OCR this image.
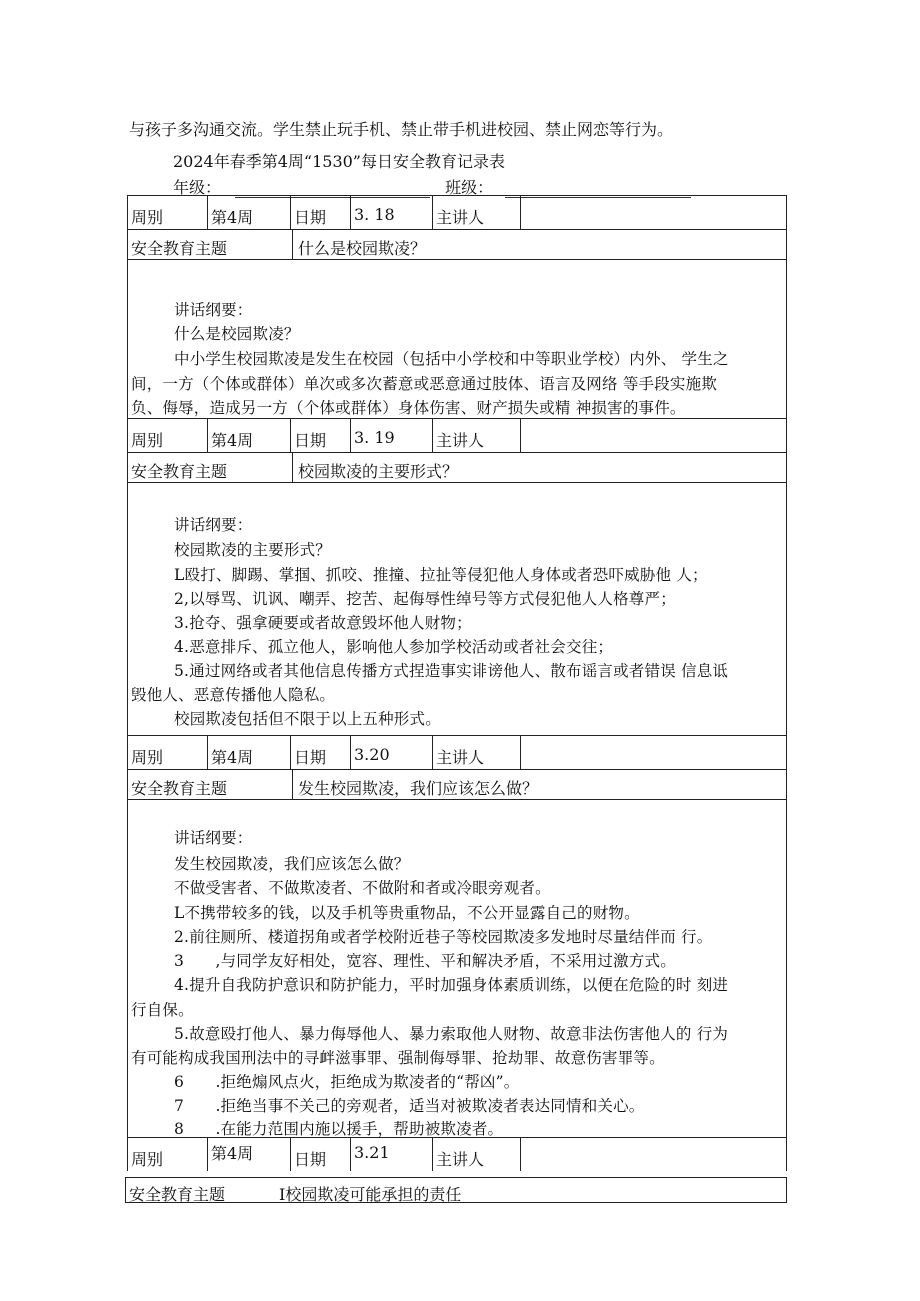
与孩子多沟通交流。学生禁止玩手机、禁止带手机进校园、禁止网恋等行为。
2024年春季第4周“1530”每日安全教育记录表
年级：	班级：
周别	第4周	日期	3. 18	主讲人
安全教育主题	什么是校园欺凌？
讲话纲要：
什么是校园欺凌？
中小学生校园欺凌是发生在校园（包括中小学校和中等职业学校）内外、 学生之
间，一方（个体或群体）单次或多次蓄意或恶意通过肢体、语言及网络 等手段实施欺
负、侮辱，造成另一方（个体或群体）身体伤害、财产损失或精 神损害的事件。
周别	第4周	日期	3. 19	主讲人
安全教育主题	校园欺凌的主要形式？
讲话纲要：
校园欺凌的主要形式？
L殴打、脚踢、掌掴、抓咬、推撞、拉扯等侵犯他人身体或者恐吓威胁他 人；
2,以辱骂、讥讽、嘲弄、挖苦、起侮辱性绰号等方式侵犯他人人格尊严；
3.抢夺、强拿硬要或者故意毁坏他人财物；
4.恶意排斥、孤立他人，影响他人参加学校活动或者社会交往；
5.通过网络或者其他信息传播方式捏造事实诽谤他人、散布谣言或者错误 信息诋
毁他人、恶意传播他人隐私。
校园欺凌包括但不限于以上五种形式。
周别	第4周	日期	3.20	主讲人
安全教育主题	发生校园欺凌，我们应该怎么做？
讲话纲要：
发生校园欺凌，我们应该怎么做？
不做受害者、不做欺凌者、不做附和者或冷眼旁观者。
L不携带较多的钱，以及手机等贵重物品，不公开显露自己的财物。
2.前往厕所、楼道拐角或者学校附近巷子等校园欺凌多发地时尽量结伴而 行。
3　　,与同学友好相处，宽容、理性、平和解决矛盾，不采用过激方式。
4.提升自我防护意识和防护能力，平时加强身体素质训练，以便在危险的时 刻进
行自保。
5.故意殴打他人、暴力侮辱他人、暴力索取他人财物、故意非法伤害他人的 行为
有可能构成我国刑法中的寻衅滋事罪、强制侮辱罪、抢劫罪、故意伤害罪等。
6　　.拒绝煽风点火，拒绝成为欺凌者的“帮凶”。
7　　.拒绝当事不关己的旁观者，适当对被欺凌者表达同情和关心。
8　　.在能力范围内施以援手，帮助被欺凌者。
周别	第4周	日期	3.21	主讲人
安全教育主题	I校园欺凌可能承担的责任
